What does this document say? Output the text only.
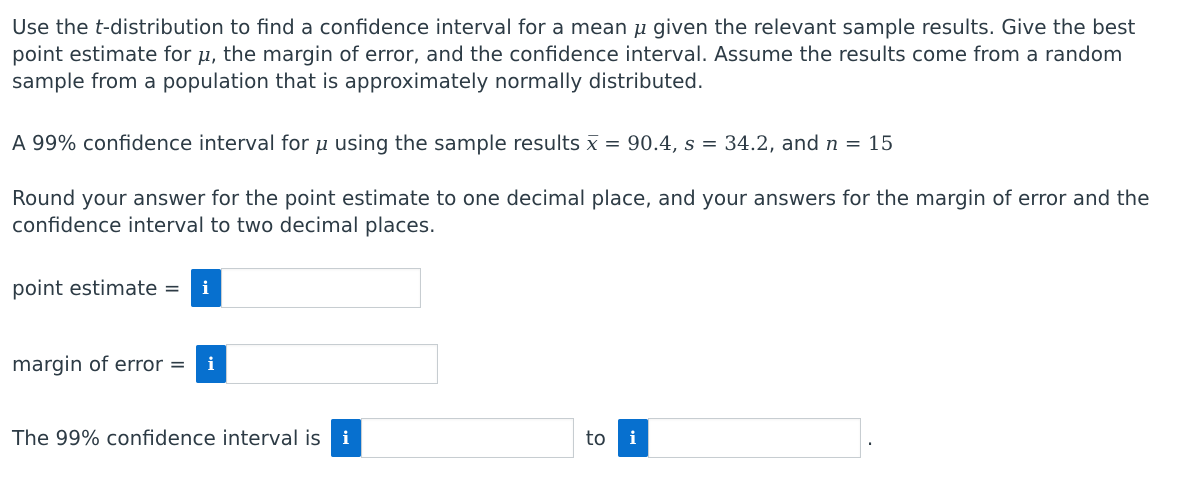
Use the t-distribution to find a confidence interval for a mean μ given the relevant sample results. Give the best point estimate for μ, the margin of error, and the confidence interval. Assume the results come from a random sample from a population that is approximately normally distributed.

A 99% confidence interval for μ using the sample results x̅ = 90.4, s = 34.2, and n = 15

Round your answer for the point estimate to one decimal place, and your answers for the margin of error and the confidence interval to two decimal places.

point estimate =	i
margin of error =	i
The 99% confidence interval is	i	to	i	.
